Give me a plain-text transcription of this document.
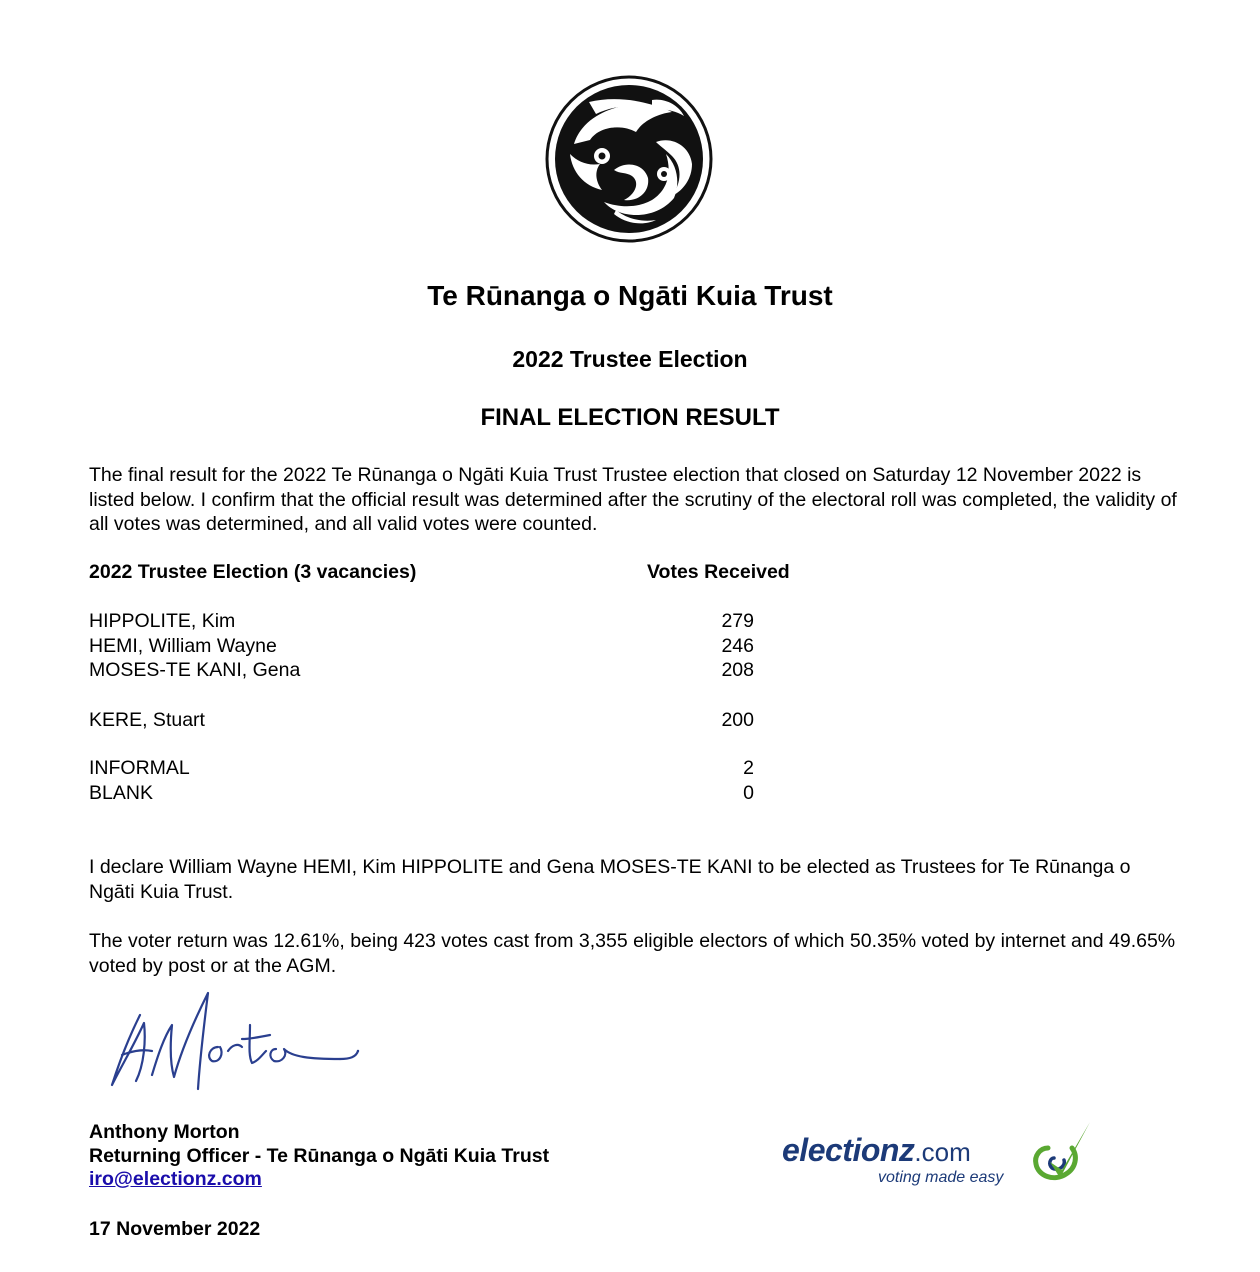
Te Rūnanga o Ngāti Kuia Trust
2022 Trustee Election
FINAL ELECTION RESULT
The final result for the 2022 Te Rūnanga o Ngāti Kuia Trust Trustee election that closed on Saturday 12 November 2022 is listed below. I confirm that the official result was determined after the scrutiny of the electoral roll was completed, the validity of all votes was determined, and all valid votes were counted.
2022 Trustee Election (3 vacancies)	Votes Received
HIPPOLITE, Kim	279
HEMI, William Wayne	246
MOSES-TE KANI, Gena	208
KERE, Stuart	200
INFORMAL	2
BLANK	0
I declare William Wayne HEMI, Kim HIPPOLITE and Gena MOSES-TE KANI to be elected as Trustees for Te Rūnanga o Ngāti Kuia Trust.
The voter return was 12.61%, being 423 votes cast from 3,355 eligible electors of which 50.35% voted by internet and 49.65% voted by post or at the AGM.
Anthony Morton
Returning Officer - Te Rūnanga o Ngāti Kuia Trust
iro@electionz.com
17 November 2022
electionz.com
voting made easy
